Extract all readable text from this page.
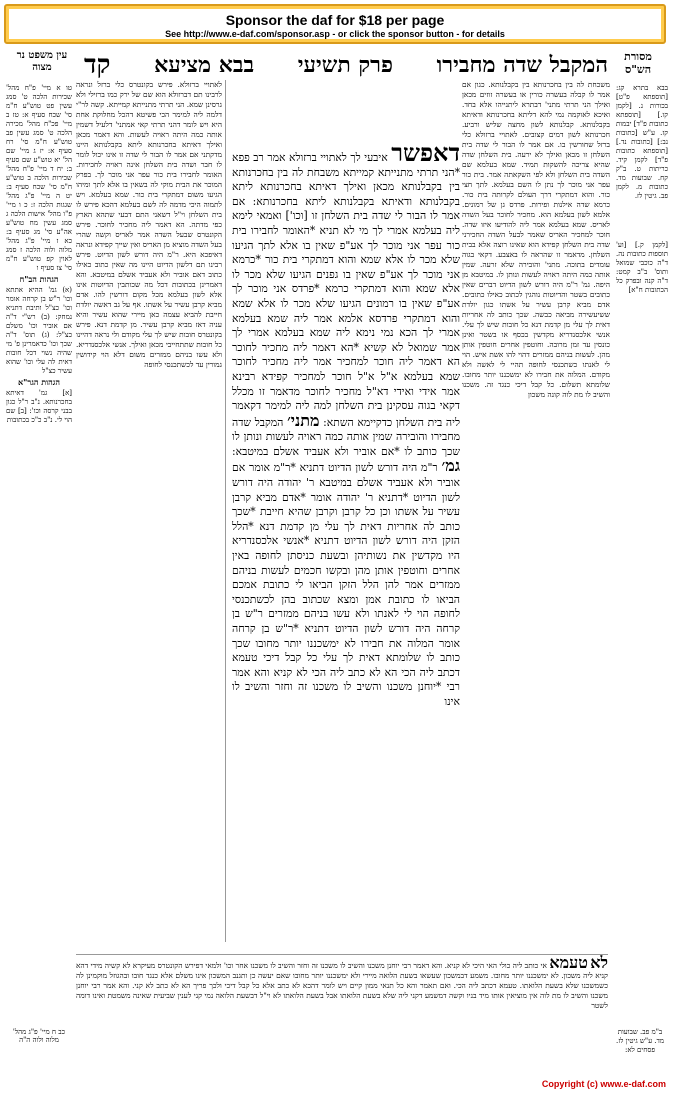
Sponsor the daf for $18 per page
See http://www.e-daf.com/sponsor.asp - or click the sponsor button - for details
עין משפט נר מצוה
מסורת הש"ס
המקבל שדה מחבירו
פרק תשיעי
בבא מציעא
קד

טו א מיי' פ"ח מהל' שכירות הלכה ט' סמג עשין פט טוש"ע ח"מ סי' שכח סעיף א: טז ב מיי' פכ"ח מהל' מכירה הלכה ט' סמג עשין פב טוש"ע ח"מ סי' רח סעיף א: יז ג מיי' שם הל' יא טוש"ע שם סעיף ב: יח ד מיי' פ"ח מהל' שכירות הלכה ב טוש"ע ח"מ סי' שכח סעיף ב: יט ה מיי' פ"ג מהל' שגגות הלכה ז: כ ו מיי' פ"ו מהל' אישות הלכה ג סמג עשין מח טוש"ע אה"ע סי' מג סעיף ב: כא ז מיי' פ"ג מהל' מלוה ולוה הלכה ז סמג לאוין קפ טוש"ע ח"מ סי' צז סעיף ו

הגהות הב"ח

(א) גמ' ההיא אתתא וכו' ר"ש בן קרחה אומר וכו' כצ"ל ותיבת דתניא נמחק: (ב) רש"י ד"ה אם אוביר וכו' משלם כצ"ל: (ג) תוס' ד"ה שכך וכו' כדאמרינן פ' מי שהיה נשוי דכל חובות דאית לה עלי וכו' שהוא עשיר כצ"ל

הגהות הגר"א

[א] גמ' דאיתא בחכרנותא. נ"ב ר"ל כגון בבני קרסה וכו': [ב] שם הוי לי. נ"ב כ"כ בכתובות

בבא בתרא קג: [תוספתא פ"ט] בכורות נ. [לקמן קו.] [תוספתא כתובות פ"ד] יבמות קז. ע"ש [כתובות נב:] [כתובות נד.] [תוספתא כתובות פ"ד] לקמן קיד. כריתות ט. ב"ק קח. שבועות מד. כתובות מ. לקמן פב. גיטין לז.

[לקמן ק.] [וע' תוספות כתובות נה. ד"ה כוכבי שמואל ותוס' ב"ב קמט: ד"ה קנה ובפרק כל הכתובות ח"א]

לאתויי ברזולא. פירש בקונטרס כלי ברזל ונראה לרבינו תם דברזולא הוא שם של ירק כמו ברזילי ולא גרסינן שמא. הני תרתי מתנייתא קמייתא. קשה לר"י דלמה ליה למימר הכי פשיטא דהכל מחלוקת אחת היא ויש לומר דהני תרתי קאי אמתני' דלעיל דשמין אותה כמה היתה ראויה לעשות. והא דאמר מכאן ואילך דאיתא בחכרנותא ליתא בקבלנותא היינו מדקתני אם אמר לו הבור לי שדה זו אינו יכול לומר לו חבר ושדה בית השלחן אינה ראויה לחכירות. האומר לחבירו בית כור עפר אני מוכר לך. בפרק המוכר את הבית מוקי לה בשאין בו אלא לתך ומיהו הגיעו משום דמתקרי בית כור. שמא בעלמא. ויש לתמוה היכי מדמה לה לשם בעלמא דהכא פירש לו בית השלחן וי"ל דשאני התם דבעי שתהא הארץ כפי מדתה. הא דאמר ליה מחכיר לחוכר. פירש הקונטרס שבעל השדה אמר לאריס וקשה שהרי בעל השדה מוציא מן האריס ואין שייך קפידא ונראה דאיפכא היא. ר"מ היה דורש לשון הדיוט. פירש רבינו תם דלשון הדיוט היינו מה שאין כתוב כאילו כתוב דאם אוביר ולא אעביד אשלם במיטבא. והא דאמרינן בכתובות דכל מה שכותבין הדיוטות אינו אלא לשון בעלמא מכל מקום דורשין להו. אדם מביא קרבן עשיר על אשתו. אף על גב דאשה יולדת חייבת להביא עצמה כאן מיירי שהוא עשיר והיא עניה דאז מביא קרבן עשיר. מן קדמת דנא. פירש בקונטרס חובות שיש לך עלי מקודם ולי נראה דהיינו כל חובות שתתחייבי מכאן ואילך. אנשי אלכסנדריא. ולא עשו בניהם ממזרים משום דלא הוי קידושין גמורין עד לכשתכנסי לחופה

משכחת לה בין בחכרנותא בין בקבלנותא. כגון אם אמר לו קבלה בעשרה כורין או בעשרה זוזים מכאן ואילך הני תרתי מתני' דבתרא ליתנייהו אלא בחד. ואיכא לאוקמה נמי להא דליתא בחכרנותא ודאיתא בקבלנותא. קבלנותא לשון מחצה שליש ורביע. חכרנותא לשון דמים קצובים. לאתויי ברזולא כלי ברזל שחורשין בו. אם אמר לו הבור לי שדה בית השלחן זו מכאן ואילך לא ירעה. בית השלחן שדה שהיא צריכה להשקות תמיד. שמא בעלמא שם השדה בית השלחן ולא לפי השקאתה אמר. בית כור עפר אני מוכר לך נתן לו השם בעלמא. לתך חצי כור. והוא דמתקרי דרך העולם לקרותה בית כור. כרמא שדה אילנות ופירות. פרדס גן של רמונים. אלמא לשון בעלמא הוא. מחכיר לחוכר בעל השדה לאריס. שמא בעלמא אמר ליה להודיעו איזו שדה. חוכר למחכיר האריס שאמר לבעל השדה החכירני שדה בית השלחן קפידא הוא שאינו רוצה אלא בבית השלחן. מדאמר זו שהראה לו באצבע. דקאי בגוה עומדים בתוכה. מתני' והובירה שלא זרעה. שמין אותה כמה היתה ראויה לעשות ונותן לו. במיטבא מן היפה. גמ' ר"מ היה דורש לשון הדיוט דברים שאין כתובים בשטר והדיוטות נוהגין לכתוב כאילו כתובים. אדם מביא קרבן עשיר על אשתו כגון יולדת ששיעשירה מביאה כבשה. שכך כותב לה אחריות דאית לך עלי מן קדמת דנא כל חובות שיש לך עלי. אנשי אלכסנדריא מקדשין בכסף או בשטר ואינן כונסין עד זמן מרובה. וחוטפין אחרים חוטפין אותן מהן. לעשות בניהם ממזרים דהוי להו אשת איש. הוי לי לאנתו כשתכנסי לחופה תהיי לי לאשה ולא מקודם. המלוה את חבירו לא ימשכננו יותר מחובו. שלומתא תשלום. כל קבל דיכי כנגד זה. משכנו והשיב לו מת לוה קונה משכון

דאפשר איבעי לך לאתויי ברזולא אמר רב פפא *הני תרתי מתנייתא קמייתא משבחת לה בין בחכרנותא בין בקבלנותא מכאן ואילך דאיתא בחכרנותא ליתא בקבלנותא ודאיתא בקבלנותא ליתא בחכרנותא: אם אמר לו הבור לי שדה בית השלחן זו [וכו'] ואמאי לימא ליה בעלמא אמרי לך מי לא תניא *האומר לחבירו בית כור עפר אני מוכר לך אע"פ שאין בו אלא לתך הגיעו שלא מכר לו אלא שמא והוא דמתקרי בית כור *כרמא אני מוכר לך אע"פ שאין בו גפנים הגיעו שלא מכר לו אלא שמא והוא דמתקרי כרמא *פרדס אני מוכר לך אע"פ שאין בו רמונים הגיעו שלא מכר לו אלא שמא והוא דמתקרי פרדסא אלמא אמר ליה שמא בעלמא אמרי לך הכא נמי נימא ליה שמא בעלמא אמרי לך אמר שמואל לא קשיא *הא דאמר ליה מחכיר לחוכר הא דאמר ליה חוכר למחכיר אמר ליה מחכיר לחוכר שמא בעלמא א"ל א"ל חוכר למחכיר קפידא רבינא אמר אידי ואידי דא"ל מחכיר לחוכר מדאמר זו מכלל דקאי בגוה עסקינן בית השלחן למה ליה למימר דקאמר ליה בית השלחן כדקיימא השתא: מתני׳ המקבל שדה מחבירו והובירה שמין אותה כמה ראויה לעשות ונותן לו שכך כותב לו *אם אוביר ולא אעביד אשלם במיטבא: גמ׳ ר"מ היה דורש לשון הדיוט דתניא *ר"מ אומר אם אוביר ולא אעביד אשלם במיטבא ר' יהודה היה דורש לשון הדיוט *דתניא ר' יהודה אומר *אדם מביא קרבן עשיר על אשתו וכן כל קרבן וקרבן שהיא חייבת *שכך כותב לה אחריות דאית לך עלי מן קדמת דנא *הלל הזקן היה דורש לשון הדיוט דתניא *אנשי אלכסנדריא היו מקדשין את נשותיהן ובשעת כניסתן לחופה באין אחרים וחוטפין אותן מהן ובקשו חכמים לעשות בניהם ממזרים אמר להן הלל הזקן הביאו לי כתובת אמכם הביאו לו כתובת אמן ומצא שכתוב בהן לכשתכנסי לחופה הוי לי לאנתו ולא עשו בניהם ממזרים ר"ש בן קרחה היה דורש לשון הדיוט דתניא *ר"ש בן קרחה אומר המלוה את חבירו לא ימשכננו יותר מחובו שכך כותב לו שלומתא דאית לך עלי כל קבל דיכי טעמא דכתב ליה הכי הא לא כתב ליה הכי לא קניא והא אמר רבי *יוחנן משכנו והשיב לו משכנו זה וחזר והשיב לו אינו

לא טעמא אי כותב ליה כולי האי היכי לא קניא. והא דאמר רבי יוחנן משכנו והשיב לו משכנו זה וחזר והשיב לו משכנו אחר וכו' ולמאי דפירש הקונטרס מעיקרא לא קשיה מידי דהא קניא ליה משכון. לא ימשכננו יותר מחובו. משמע דבמשכון שעשאו בשעת הלואה מיירי ולא ימשכננו יותר מחובו שאם יעשה כן ותגנב המשכון אינו משלם אלא כנגד חובו ובהגוזל מוקמינן לה כשמשכנו שלא בשעת הלואתו. טעמא דכתב ליה הכי. ואם תאמר והא כל תנאי ממון קיים ויש לומר דהכא לא כתב אלא כל קבל דיכי ולכך פריך הא לא כתב לא קני. והא אמר רבי יוחנן משכנו והשיב לו מת לוה אין מוציאין אותו מיד בניו וקשה דמשמע דקני ליה שלא בשעת הלואתו אבל בשעת הלואתו לא וי"ל דבשעת הלואה נמי קני לענין שביעית שאינה משמטת ואינו דומה לשטר
כב ח מיי' פ"ג מהל' מלוה ולוה ה"ה
ב"מ פב. שבועות מד. ע"ש גיטין לז. פסחים לא:
Copyright (c) www.e-daf.com
